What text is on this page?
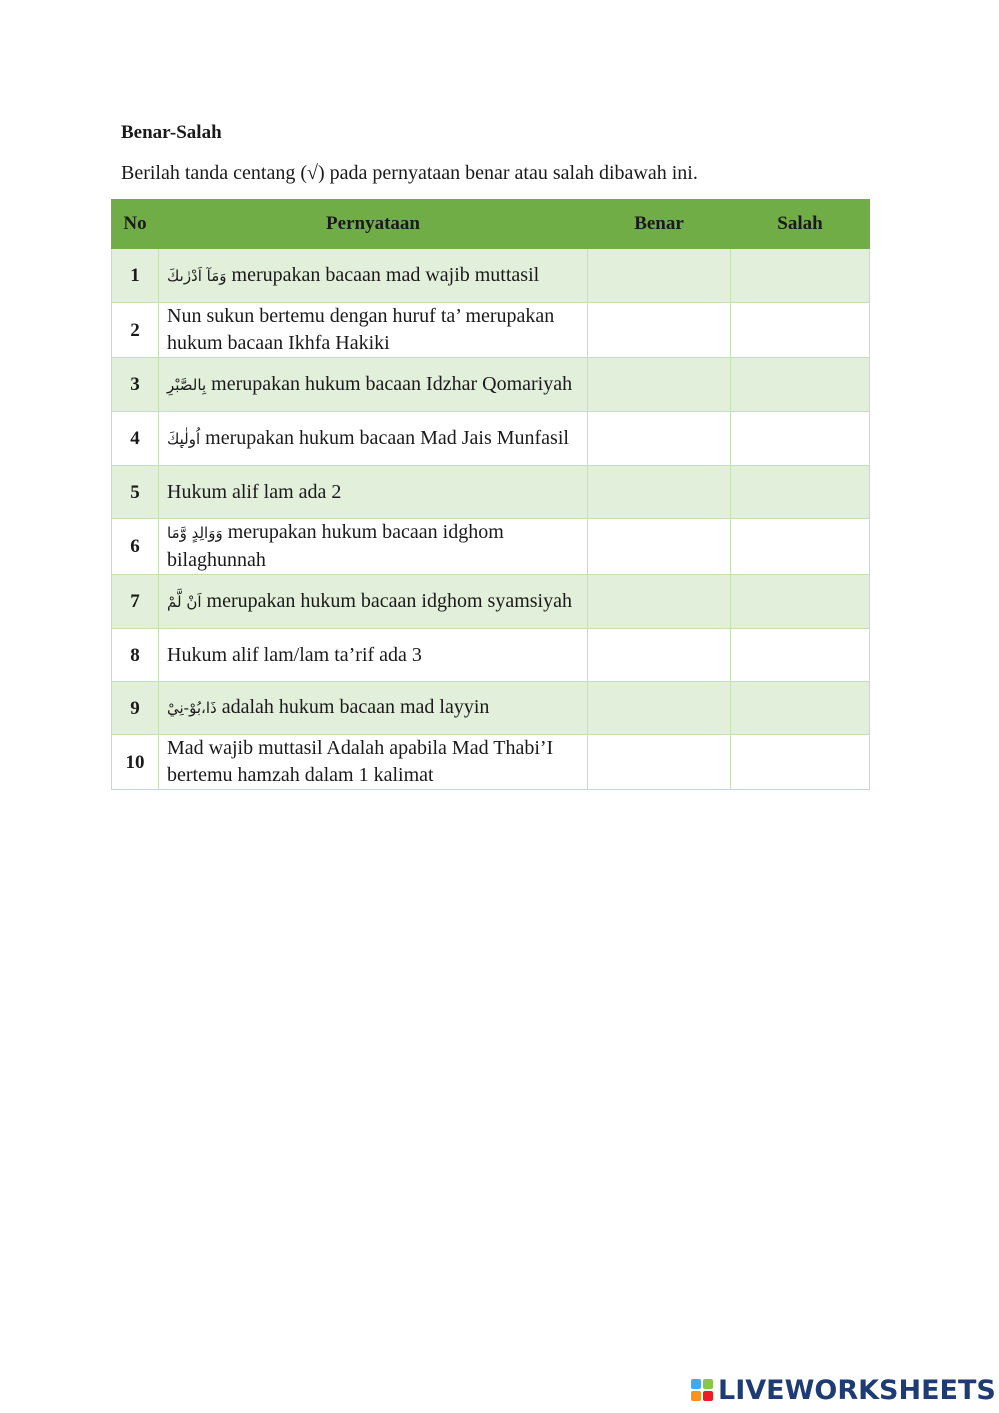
Benar-Salah
Berilah tanda centang (√) pada pernyataan benar atau salah dibawah ini.
No	Pernyataan	Benar	Salah
1	وَمَآ اَدْرٰىكَ merupakan bacaan mad wajib muttasil		
2	Nun sukun bertemu dengan huruf ta’ merupakan hukum bacaan Ikhfa Hakiki		
3	بِالصَّبْرِ merupakan hukum bacaan Idzhar Qomariyah		
4	اُولٰىِٕكَ merupakan hukum bacaan Mad Jais Munfasil		
5	Hukum alif lam ada 2		
6	وَوَالِدٍ وَّمَا merupakan hukum bacaan idghom bilaghunnah		
7	اَنْ لَّمْ merupakan hukum bacaan idghom syamsiyah		
8	Hukum alif lam/lam ta’rif ada 3		
9	ذَا،بُوْ-نِيْ adalah hukum bacaan mad layyin		
10	Mad wajib muttasil Adalah apabila Mad Thabi’I bertemu hamzah dalam 1 kalimat		
LIVEWORKSHEETS
